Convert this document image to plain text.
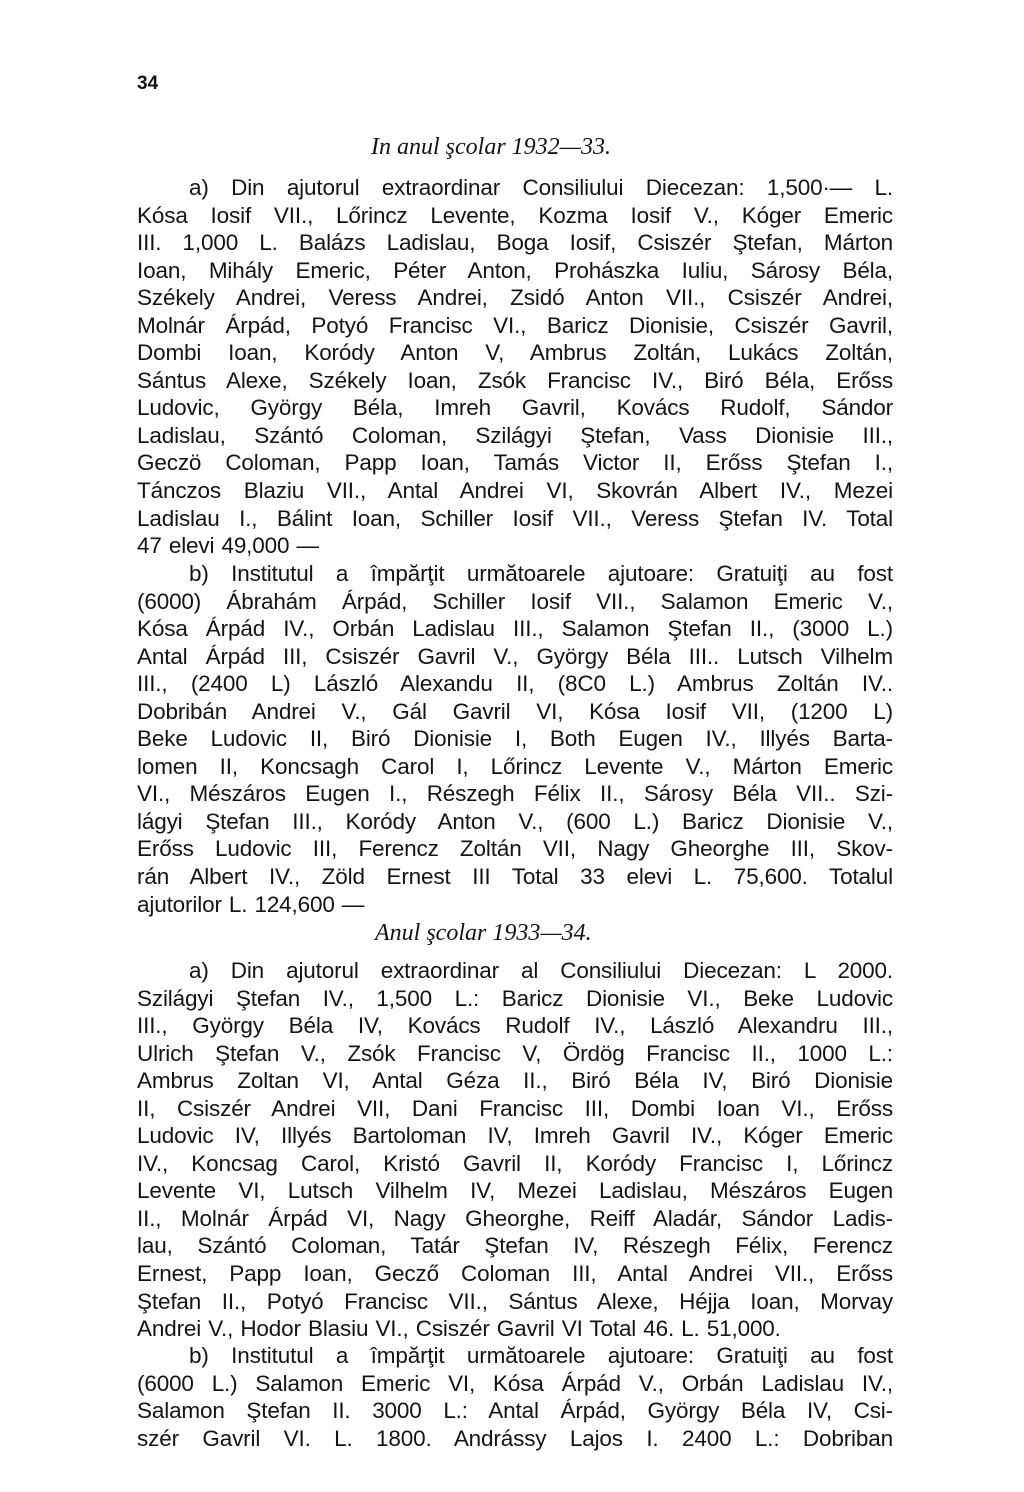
34
In anul şcolar 1932—33.
a) Din ajutorul extraordinar Consiliului Diecezan: 1,500·— L.
Kósa Iosif VII., Lőrincz Levente, Kozma Iosif V., Kóger Emeric
III. 1,000 L. Balázs Ladislau, Boga Iosif, Csiszér Ştefan, Márton
Ioan, Mihály Emeric, Péter Anton, Prohászka Iuliu, Sárosy Béla,
Székely Andrei, Veress Andrei, Zsidó Anton VII., Csiszér Andrei,
Molnár Árpád, Potyó Francisc VI., Baricz Dionisie, Csiszér Gavril,
Dombi Ioan, Koródy Anton V, Ambrus Zoltán, Lukács Zoltán,
Sántus Alexe, Székely Ioan, Zsók Francisc IV., Biró Béla, Erőss
Ludovic, György Béla, Imreh Gavril, Kovács Rudolf, Sándor
Ladislau, Szántó Coloman, Szilágyi Ştefan, Vass Dionisie III.,
Geczö Coloman, Papp Ioan, Tamás Victor II, Erőss Ştefan I.,
Tánczos Blaziu VII., Antal Andrei VI, Skovrán Albert IV., Mezei
Ladislau I., Bálint Ioan, Schiller Iosif VII., Veress Ştefan IV. Total
47 elevi 49,000 —
b) Institutul a împărţit următoarele ajutoare: Gratuiţi au fost
(6000) Ábrahám Árpád, Schiller Iosif VII., Salamon Emeric V.,
Kósa Árpád IV., Orbán Ladislau III., Salamon Ştefan II., (3000 L.)
Antal Árpád III, Csiszér Gavril V., György Béla III.. Lutsch Vilhelm
III., (2400 L) László Alexandu II, (8C0 L.) Ambrus Zoltán IV..
Dobribán Andrei V., Gál Gavril VI, Kósa Iosif VII, (1200 L)
Beke Ludovic II, Biró Dionisie I, Both Eugen IV., Illyés Barta-
lomen II, Koncsagh Carol I, Lőrincz Levente V., Márton Emeric
VI., Mészáros Eugen I., Részegh Félix II., Sárosy Béla VII.. Szi-
lágyi Ştefan III., Koródy Anton V., (600 L.) Baricz Dionisie V.,
Erőss Ludovic III, Ferencz Zoltán VII, Nagy Gheorghe III, Skov-
rán Albert IV., Zöld Ernest III Total 33 elevi L. 75,600. Totalul
ajutorilor L. 124,600 —
Anul şcolar 1933—34.
a) Din ajutorul extraordinar al Consiliului Diecezan: L 2000.
Szilágyi Ştefan IV., 1,500 L.: Baricz Dionisie VI., Beke Ludovic
III., György Béla IV, Kovács Rudolf IV., László Alexandru III.,
Ulrich Ştefan V., Zsók Francisc V, Ördög Francisc II., 1000 L.:
Ambrus Zoltan VI, Antal Géza II., Biró Béla IV, Biró Dionisie
II, Csiszér Andrei VII, Dani Francisc III, Dombi Ioan VI., Erőss
Ludovic IV, Illyés Bartoloman IV, Imreh Gavril IV., Kóger Emeric
IV., Koncsag Carol, Kristó Gavril II, Koródy Francisc I, Lőrincz
Levente VI, Lutsch Vilhelm IV, Mezei Ladislau, Mészáros Eugen
II., Molnár Árpád VI, Nagy Gheorghe, Reiff Aladár, Sándor Ladis-
lau, Szántó Coloman, Tatár Ştefan IV, Részegh Félix, Ferencz
Ernest, Papp Ioan, Gecző Coloman III, Antal Andrei VII., Erőss
Ştefan II., Potyó Francisc VII., Sántus Alexe, Héjja Ioan, Morvay
Andrei V., Hodor Blasiu VI., Csiszér Gavril VI Total 46. L. 51,000.
b) Institutul a împărţit următoarele ajutoare: Gratuiţi au fost
(6000 L.) Salamon Emeric VI, Kósa Árpád V., Orbán Ladislau IV.,
Salamon Ştefan II. 3000 L.: Antal Árpád, György Béla IV, Csi-
szér Gavril VI. L. 1800. Andrássy Lajos I. 2400 L.: Dobriban
